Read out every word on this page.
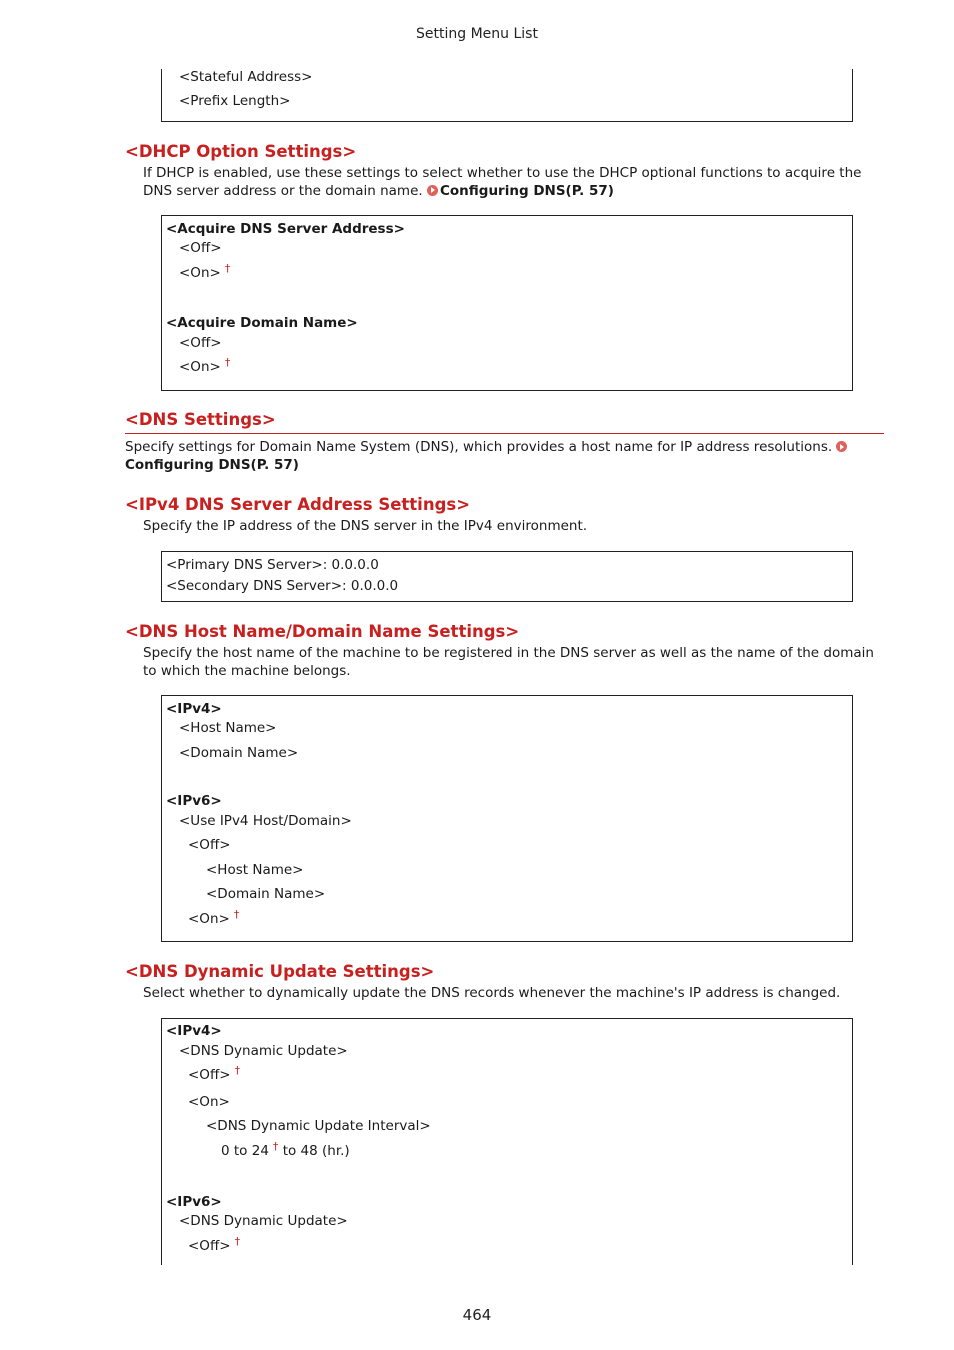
Setting Menu List
<Stateful Address>
<Prefix Length>
<DHCP Option Settings>
If DHCP is enabled, use these settings to select whether to use the DHCP optional functions to acquire the
DNS server address or the domain name. Configuring DNS(P. 57)
<Acquire DNS Server Address>
<Off>
<On> †
<Acquire Domain Name>
<Off>
<On> †
<DNS Settings>
Specify settings for Domain Name System (DNS), which provides a host name for IP address resolutions.
Configuring DNS(P. 57)
<IPv4 DNS Server Address Settings>
Specify the IP address of the DNS server in the IPv4 environment.
<Primary DNS Server>: 0.0.0.0
<Secondary DNS Server>: 0.0.0.0
<DNS Host Name/Domain Name Settings>
Specify the host name of the machine to be registered in the DNS server as well as the name of the domain
to which the machine belongs.
<IPv4>
<Host Name>
<Domain Name>
<IPv6>
<Use IPv4 Host/Domain>
<Off>
<Host Name>
<Domain Name>
<On> †
<DNS Dynamic Update Settings>
Select whether to dynamically update the DNS records whenever the machine's IP address is changed.
<IPv4>
<DNS Dynamic Update>
<Off> †
<On>
<DNS Dynamic Update Interval>
0 to 24 † to 48 (hr.)
<IPv6>
<DNS Dynamic Update>
<Off> †
464
